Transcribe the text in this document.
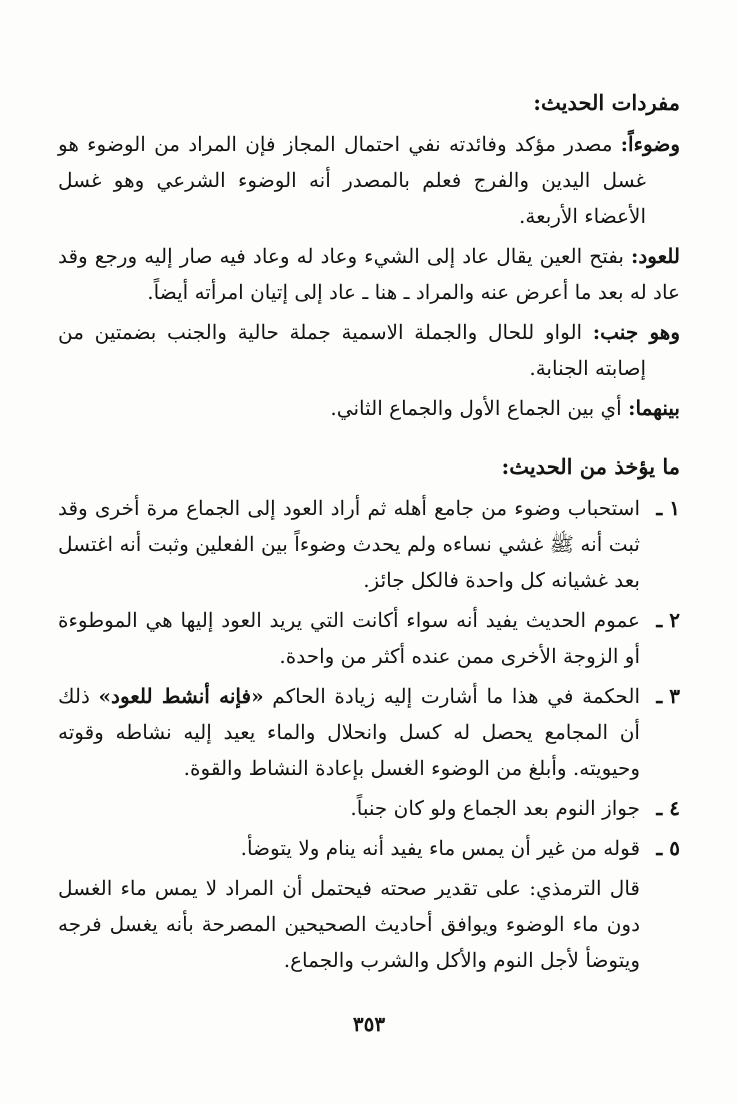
مفردات الحديث:

وضوءاً: مصدر مؤكد وفائدته نفي احتمال المجاز فإن المراد من الوضوء هو غسل اليدين والفرج فعلم بالمصدر أنه الوضوء الشرعي وهو غسل الأعضاء الأربعة.

للعود: بفتح العين يقال عاد إلى الشيء وعاد له وعاد فيه صار إليه ورجع وقد عاد له بعد ما أعرض عنه والمراد ـ هنا ـ عاد إلى إتيان امرأته أيضاً.

وهو جنب: الواو للحال والجملة الاسمية جملة حالية والجنب بضمتين من إصابته الجنابة.

بينهما: أي بين الجماع الأول والجماع الثاني.

ما يؤخذ من الحديث:
١ ـ
استحباب وضوء من جامع أهله ثم أراد العود إلى الجماع مرة أخرى وقد ثبت أنه ﷺ غشي نساءه ولم يحدث وضوءاً بين الفعلين وثبت أنه اغتسل بعد غشيانه كل واحدة فالكل جائز.
٢ ـ
عموم الحديث يفيد أنه سواء أكانت التي يريد العود إليها هي الموطوءة أو الزوجة الأخرى ممن عنده أكثر من واحدة.
٣ ـ
الحكمة في هذا ما أشارت إليه زيادة الحاكم «فإنه أنشط للعود» ذلك أن المجامع يحصل له كسل وانحلال والماء يعيد إليه نشاطه وقوته وحيويته. وأبلغ من الوضوء الغسل بإعادة النشاط والقوة.
٤ ـ
جواز النوم بعد الجماع ولو كان جنباً.
٥ ـ
قوله من غير أن يمس ماء يفيد أنه ينام ولا يتوضأ.

قال الترمذي: على تقدير صحته فيحتمل أن المراد لا يمس ماء الغسل دون ماء الوضوء ويوافق أحاديث الصحيحين المصرحة بأنه يغسل فرجه ويتوضأ لأجل النوم والأكل والشرب والجماع.

٣٥٣
